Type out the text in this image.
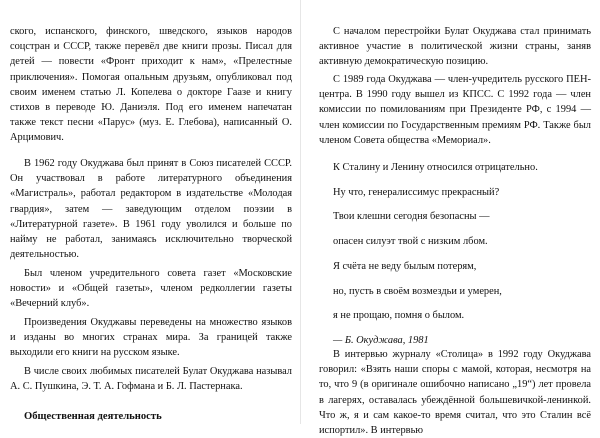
ского, испанского, финского, шведского, языков народов соцстран и СССР, также перевёл две книги прозы. Писал для детей — повести «Фронт приходит к нам», «Прелестные приключения». Помогая опальным друзьям, опубликовал под своим именем статью Л. Копелева о докторе Гаазе и книгу стихов в переводе Ю. Даниэля. Под его именем напечатан также текст песни «Парус» (муз. Е. Глебова), написанный О. Арцимович.

В 1962 году Окуджава был принят в Союз писателей СССР. Он участвовал в работе литературного объединения «Магистраль», работал редактором в издательстве «Молодая гвардия», затем — заведующим отделом поэзии в «Литературной газете». В 1961 году уволился и больше по найму не работал, занимаясь исключительно творческой деятельностью.

Был членом учредительного совета газет «Московские новости» и «Общей газеты», членом редколлегии газеты «Вечерний клуб».

Произведения Окуджавы переведены на множество языков и изданы во многих странах мира. За границей также выходили его книги на русском языке.

В числе своих любимых писателей Булат Окуджава называл А. С. Пушкина, Э. Т. А. Гофмана и Б. Л. Пастернака.

Общественная деятельность

С началом перестройки Булат Окуджава стал принимать активное участие в политической жизни страны, заняв активную демократическую позицию.

С 1989 года Окуджава — член-учредитель русского ПЕН-центра. В 1990 году вышел из КПСС. С 1992 года — член комиссии по помилованиям при Президенте РФ, с 1994 — член комиссии по Государственным премиям РФ. Также был членом Совета общества «Мемориал».

К Сталину и Ленину относился отрицательно.
Ну что, генералиссимус прекрасный?
Твои клешни сегодня безопасны —
опасен силуэт твой с низким лбом.
Я счёта не веду былым потерям,
но, пусть в своём возмездьи и умерен,
я не прощаю, помня о былом.
— Б. Окуджава, 1981

В интервью журналу «Столица» в 1992 году Окуджава говорил: «Взять наши споры с мамой, которая, несмотря на то, что 9 (в оригинале ошибочно написано „19“) лет провела в лагерях, оставалась убеждённой большевичкой-ленинкой. Что ж, я и сам какое-то время считал, что это Сталин всё испортил». В интервью
